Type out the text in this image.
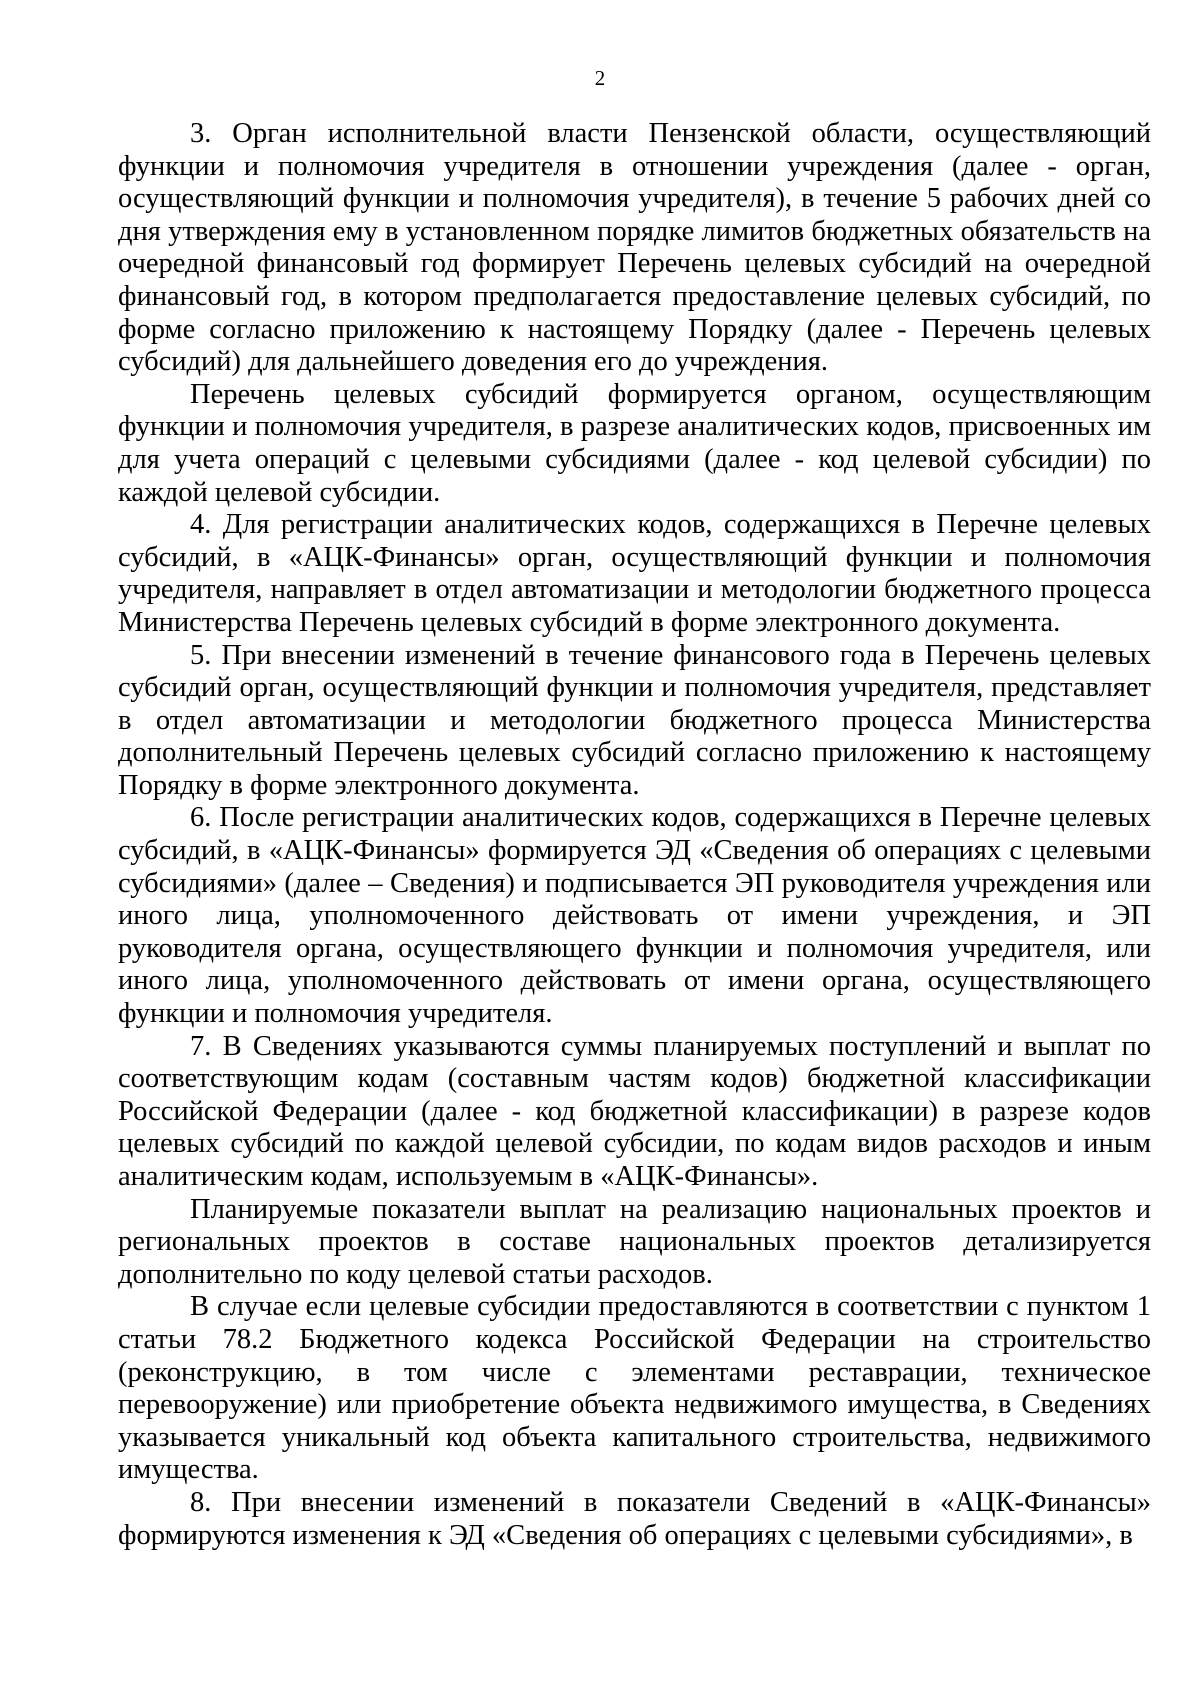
2

3. Орган исполнительной власти Пензенской области, осуществляющий функции и полномочия учредителя в отношении учреждения (далее - орган, осуществляющий функции и полномочия учредителя), в течение 5 рабочих дней со дня утверждения ему в установленном порядке лимитов бюджетных обязательств на очередной финансовый год формирует Перечень целевых субсидий на очередной финансовый год, в котором предполагается предоставление целевых субсидий, по форме согласно приложению к настоящему Порядку (далее - Перечень целевых субсидий) для дальнейшего доведения его до учреждения.

Перечень целевых субсидий формируется органом, осуществляющим функции и полномочия учредителя, в разрезе аналитических кодов, присвоенных им для учета операций с целевыми субсидиями (далее - код целевой субсидии) по каждой целевой субсидии.

4. Для регистрации аналитических кодов, содержащихся в Перечне целевых субсидий, в «АЦК-Финансы» орган, осуществляющий функции и полномочия учредителя, направляет в отдел автоматизации и методологии бюджетного процесса Министерства Перечень целевых субсидий в форме электронного документа.

5. При внесении изменений в течение финансового года в Перечень целевых субсидий орган, осуществляющий функции и полномочия учредителя, представляет в отдел автоматизации и методологии бюджетного процесса Министерства дополнительный Перечень целевых субсидий согласно приложению к настоящему Порядку в форме электронного документа.

6. После регистрации аналитических кодов, содержащихся в Перечне целевых субсидий, в «АЦК-Финансы» формируется ЭД «Сведения об операциях с целевыми субсидиями» (далее – Сведения) и подписывается ЭП руководителя учреждения или иного лица, уполномоченного действовать от имени учреждения, и ЭП руководителя органа, осуществляющего функции и полномочия учредителя, или иного лица, уполномоченного действовать от имени органа, осуществляющего функции и полномочия учредителя.

7. В Сведениях указываются суммы планируемых поступлений и выплат по соответствующим кодам (составным частям кодов) бюджетной классификации Российской Федерации (далее - код бюджетной классификации) в разрезе кодов целевых субсидий по каждой целевой субсидии, по кодам видов расходов и иным аналитическим кодам, используемым в «АЦК-Финансы».

Планируемые показатели выплат на реализацию национальных проектов и региональных проектов в составе национальных проектов детализируется дополнительно по коду целевой статьи расходов.

В случае если целевые субсидии предоставляются в соответствии с пунктом 1 статьи 78.2 Бюджетного кодекса Российской Федерации на строительство (реконструкцию, в том числе с элементами реставрации, техническое перевооружение) или приобретение объекта недвижимого имущества, в Сведениях указывается уникальный код объекта капитального строительства, недвижимого имущества.

8. При внесении изменений в показатели Сведений в «АЦК-Финансы» формируются изменения к ЭД «Сведения об операциях с целевыми субсидиями», в
